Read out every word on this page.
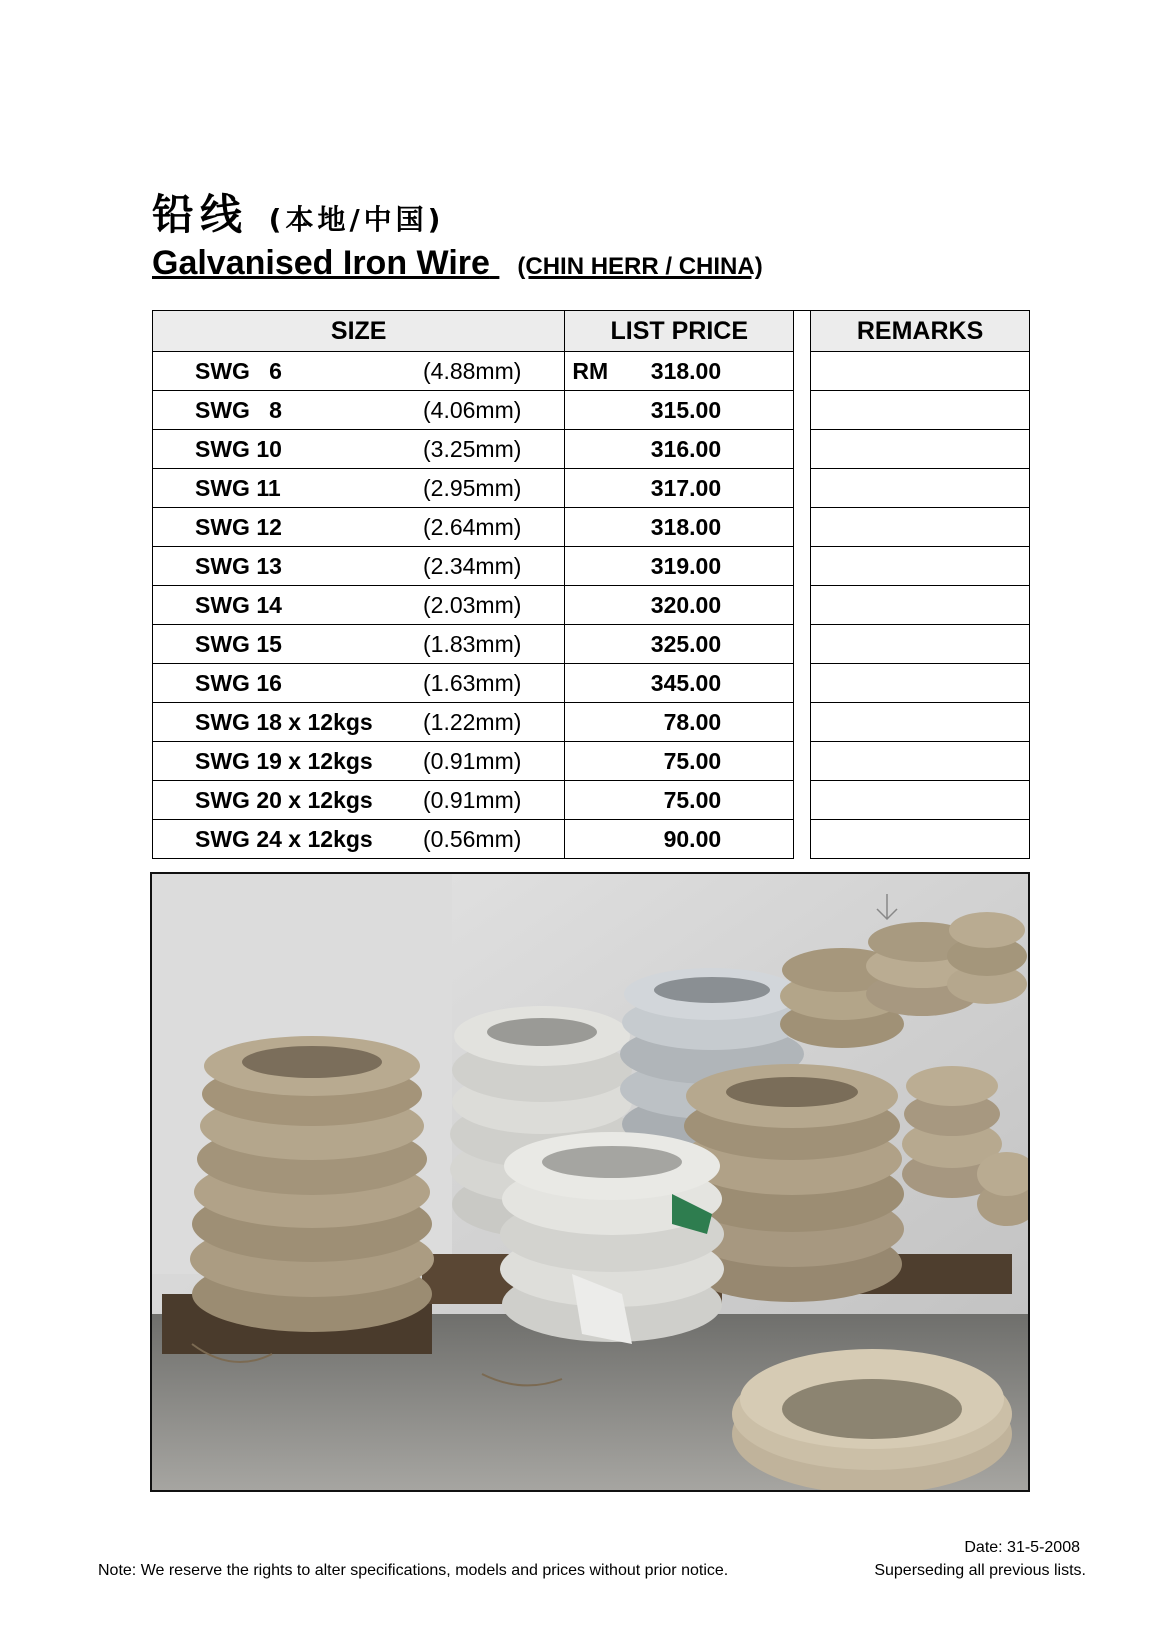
铅线 (本地/中国)
Galvanised Iron Wire (CHIN HERR / CHINA)
SIZE	LIST PRICE		REMARKS

SWG   6 (4.88mm)	RM 318.00		

SWG   8 (4.06mm)	315.00		

SWG 10 (3.25mm)	316.00		

SWG 11 (2.95mm)	317.00		

SWG 12 (2.64mm)	318.00		

SWG 13 (2.34mm)	319.00		

SWG 14 (2.03mm)	320.00		

SWG 15 (1.83mm)	325.00		

SWG 16 (1.63mm)	345.00		

SWG 18 x 12kgs (1.22mm)	78.00		

SWG 19 x 12kgs (0.91mm)	75.00		

SWG 20 x 12kgs (0.91mm)	75.00		

SWG 24 x 12kgs (0.56mm)	90.00		

Note: We reserve the rights to alter specifications, models and prices without prior notice.
Date: 31-5-2008
Superseding all previous lists.
